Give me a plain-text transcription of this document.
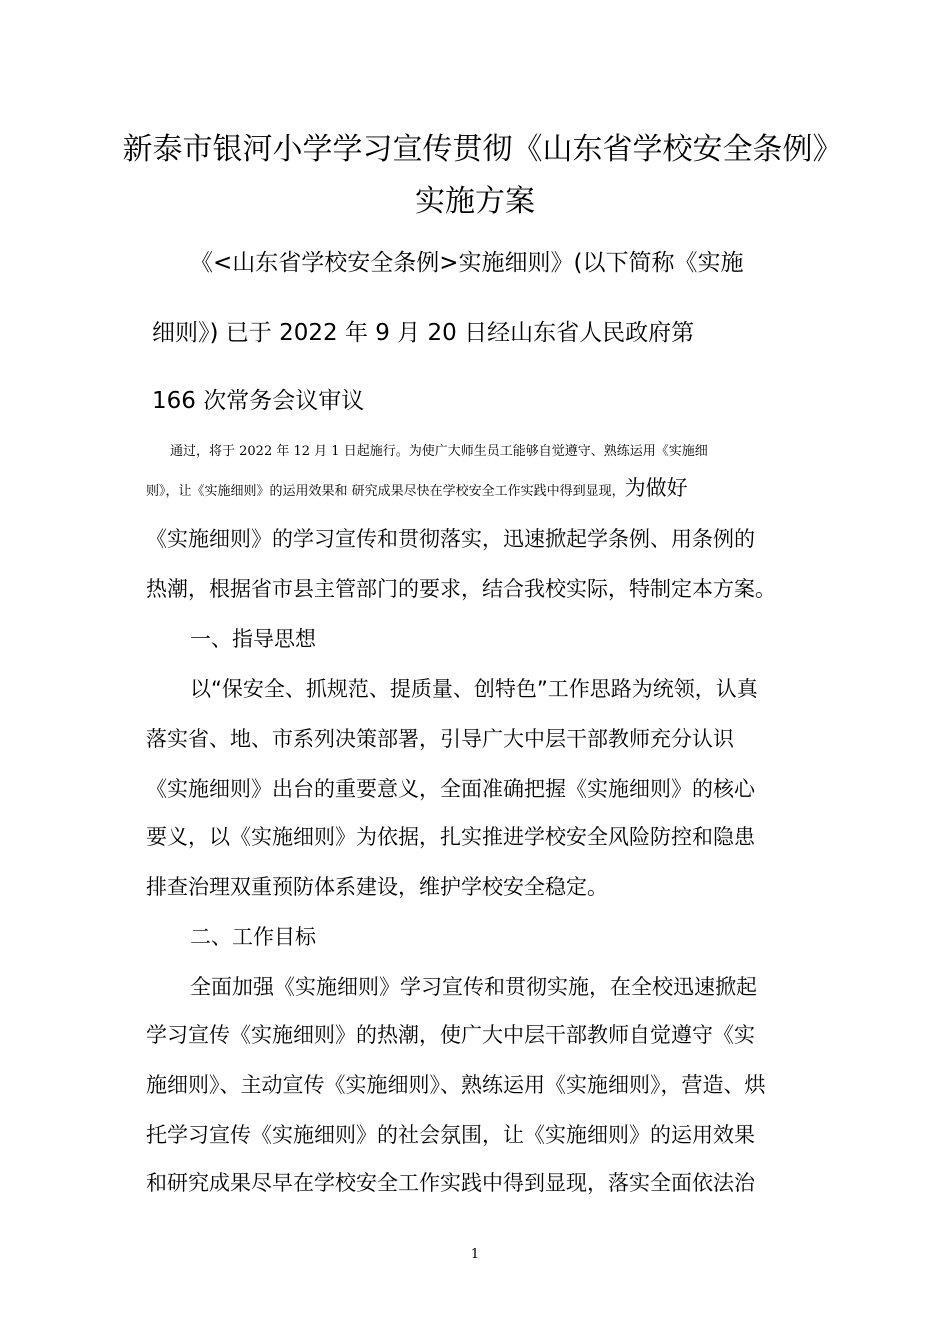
新泰市银河小学学习宣传贯彻《山东省学校安全条例》实施方案

《<山东省学校安全条例>实施细则》(以下简称《实施

细则》) 已于 2022 年 9 月 20 日经山东省人民政府第

166 次常务会议审议

通过，将于 2022 年 12 月 1 日起施行。为使广大师生员工能够自觉遵守、熟练运用《实施细

则》，让《实施细则》的运用效果和 研究成果尽快在学校安全工作实践中得到显现，为做好

《实施细则》的学习宣传和贯彻落实，迅速掀起学条例、用条例的

热潮，根据省市县主管部门的要求，结合我校实际，特制定本方案。

一、指导思想

以“保安全、抓规范、提质量、创特色”工作思路为统领，认真

落实省、地、市系列决策部署，引导广大中层干部教师充分认识

《实施细则》出台的重要意义，全面准确把握《实施细则》的核心

要义，以《实施细则》为依据，扎实推进学校安全风险防控和隐患

排查治理双重预防体系建设，维护学校安全稳定。

二、工作目标

全面加强《实施细则》学习宣传和贯彻实施，在全校迅速掀起

学习宣传《实施细则》的热潮，使广大中层干部教师自觉遵守《实

施细则》、主动宣传《实施细则》、熟练运用《实施细则》，营造、烘

托学习宣传《实施细则》的社会氛围，让《实施细则》的运用效果

和研究成果尽早在学校安全工作实践中得到显现，落实全面依法治

1
